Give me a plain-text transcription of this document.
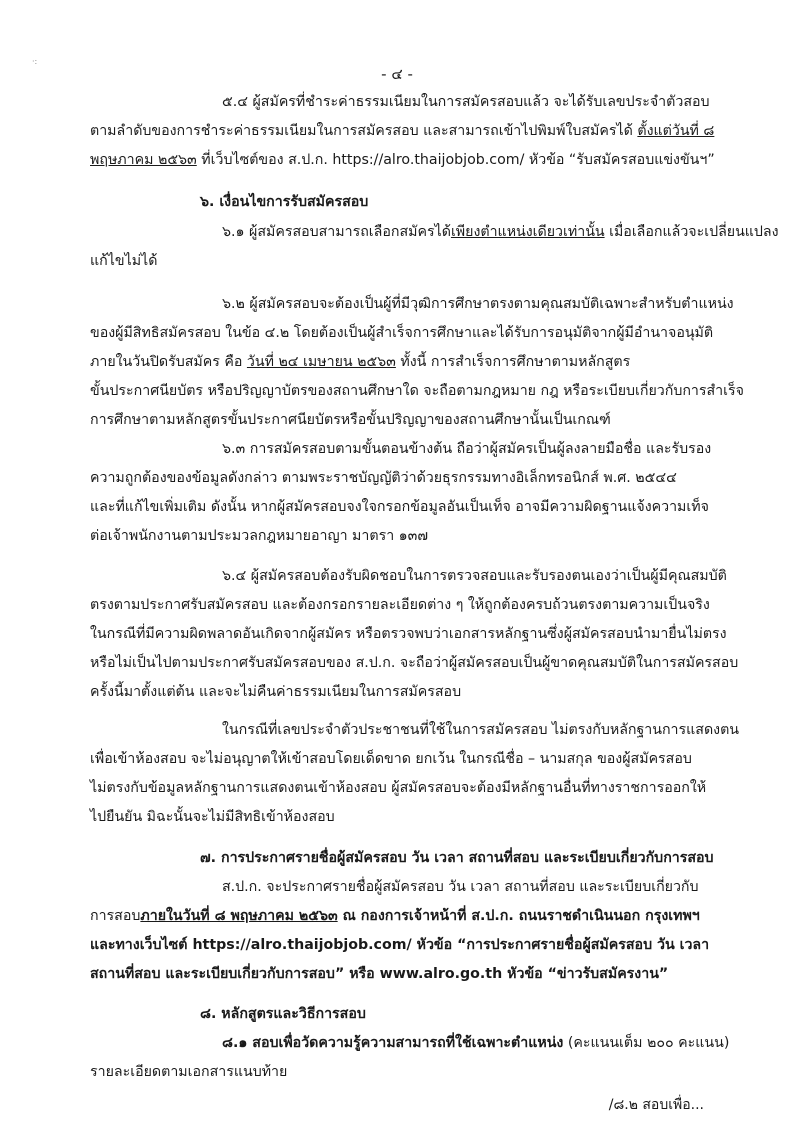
·:
- ๔ -
๕.๔ ผู้สมัครที่ชำระค่าธรรมเนียมในการสมัครสอบแล้ว จะได้รับเลขประจำตัวสอบ
ตามลำดับของการชำระค่าธรรมเนียมในการสมัครสอบ และสามารถเข้าไปพิมพ์ใบสมัครได้ ตั้งแต่วันที่ ๘
พฤษภาคม ๒๕๖๓ ที่เว็บไซต์ของ ส.ป.ก. https://alro.thaijobjob.com/ หัวข้อ “รับสมัครสอบแข่งขันฯ”
๖. เงื่อนไขการรับสมัครสอบ
๖.๑ ผู้สมัครสอบสามารถเลือกสมัครได้เพียงตำแหน่งเดียวเท่านั้น เมื่อเลือกแล้วจะเปลี่ยนแปลง
แก้ไขไม่ได้
๖.๒ ผู้สมัครสอบจะต้องเป็นผู้ที่มีวุฒิการศึกษาตรงตามคุณสมบัติเฉพาะสำหรับตำแหน่ง
ของผู้มีสิทธิสมัครสอบ ในข้อ ๔.๒ โดยต้องเป็นผู้สำเร็จการศึกษาและได้รับการอนุมัติจากผู้มีอำนาจอนุมัติ
ภายในวันปิดรับสมัคร คือ วันที่ ๒๔ เมษายน ๒๕๖๓ ทั้งนี้ การสำเร็จการศึกษาตามหลักสูตร
ขั้นประกาศนียบัตร หรือปริญญาบัตรของสถานศึกษาใด จะถือตามกฎหมาย กฎ หรือระเบียบเกี่ยวกับการสำเร็จ
การศึกษาตามหลักสูตรขั้นประกาศนียบัตรหรือขั้นปริญญาของสถานศึกษานั้นเป็นเกณฑ์
๖.๓ การสมัครสอบตามขั้นตอนข้างต้น ถือว่าผู้สมัครเป็นผู้ลงลายมือชื่อ และรับรอง
ความถูกต้องของข้อมูลดังกล่าว ตามพระราชบัญญัติว่าด้วยธุรกรรมทางอิเล็กทรอนิกส์ พ.ศ. ๒๕๔๔
และที่แก้ไขเพิ่มเติม ดังนั้น หากผู้สมัครสอบจงใจกรอกข้อมูลอันเป็นเท็จ อาจมีความผิดฐานแจ้งความเท็จ
ต่อเจ้าพนักงานตามประมวลกฎหมายอาญา มาตรา ๑๓๗
๖.๔ ผู้สมัครสอบต้องรับผิดชอบในการตรวจสอบและรับรองตนเองว่าเป็นผู้มีคุณสมบัติ
ตรงตามประกาศรับสมัครสอบ และต้องกรอกรายละเอียดต่าง ๆ ให้ถูกต้องครบถ้วนตรงตามความเป็นจริง
ในกรณีที่มีความผิดพลาดอันเกิดจากผู้สมัคร หรือตรวจพบว่าเอกสารหลักฐานซึ่งผู้สมัครสอบนำมายื่นไม่ตรง
หรือไม่เป็นไปตามประกาศรับสมัครสอบของ ส.ป.ก. จะถือว่าผู้สมัครสอบเป็นผู้ขาดคุณสมบัติในการสมัครสอบ
ครั้งนี้มาตั้งแต่ต้น และจะไม่คืนค่าธรรมเนียมในการสมัครสอบ
ในกรณีที่เลขประจำตัวประชาชนที่ใช้ในการสมัครสอบ ไม่ตรงกับหลักฐานการแสดงตน
เพื่อเข้าห้องสอบ จะไม่อนุญาตให้เข้าสอบโดยเด็ดขาด ยกเว้น ในกรณีชื่อ – นามสกุล ของผู้สมัครสอบ
ไม่ตรงกับข้อมูลหลักฐานการแสดงตนเข้าห้องสอบ ผู้สมัครสอบจะต้องมีหลักฐานอื่นที่ทางราชการออกให้
ไปยืนยัน มิฉะนั้นจะไม่มีสิทธิเข้าห้องสอบ
๗. การประกาศรายชื่อผู้สมัครสอบ วัน เวลา สถานที่สอบ และระเบียบเกี่ยวกับการสอบ
ส.ป.ก. จะประกาศรายชื่อผู้สมัครสอบ วัน เวลา สถานที่สอบ และระเบียบเกี่ยวกับ
การสอบภายในวันที่ ๘ พฤษภาคม ๒๕๖๓ ณ กองการเจ้าหน้าที่ ส.ป.ก. ถนนราชดำเนินนอก กรุงเทพฯ
และทางเว็บไซต์ https://alro.thaijobjob.com/ หัวข้อ “การประกาศรายชื่อผู้สมัครสอบ วัน เวลา
สถานที่สอบ และระเบียบเกี่ยวกับการสอบ” หรือ www.alro.go.th หัวข้อ “ข่าวรับสมัครงาน”
๘. หลักสูตรและวิธีการสอบ
๘.๑ สอบเพื่อวัดความรู้ความสามารถที่ใช้เฉพาะตำแหน่ง (คะแนนเต็ม ๒๐๐ คะแนน)
รายละเอียดตามเอกสารแนบท้าย
/๘.๒ สอบเพื่อ...
